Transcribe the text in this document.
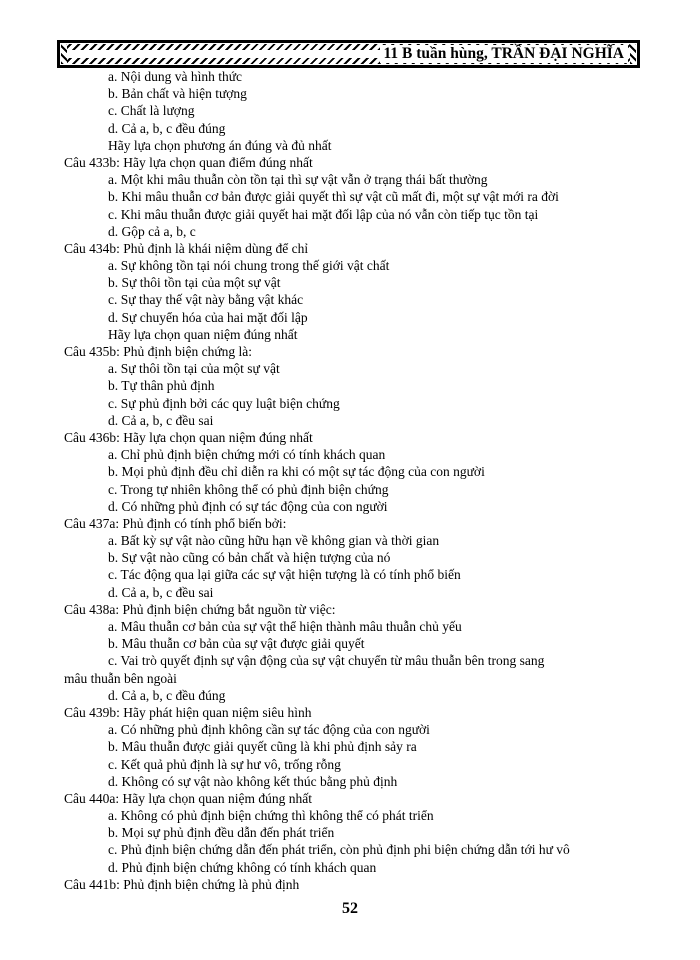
11 B tuần hùng, TRẦN ĐẠI NGHĨA
a. Nội dung và hình thức
b. Bản chất và hiện tượng
c. Chất là lượng
d. Cả a, b, c đều đúng
Hãy lựa chọn phương án đúng và đủ nhất
Câu 433b: Hãy lựa chọn quan điểm đúng nhất
a. Một khi mâu thuẫn còn tồn tại thì sự vật vẫn ở trạng thái bất thường
b. Khi mâu thuẫn cơ bản được giải quyết thì sự vật cũ mất đi, một sự vật mới ra đời
c. Khi mâu thuẫn được giải quyết hai mặt đối lập của nó vẫn còn tiếp tục tồn tại
d. Gộp cả a, b, c
Câu 434b: Phủ định là khái niệm dùng để chỉ
a. Sự không tồn tại nói chung trong thế giới vật chất
b. Sự thôi tồn tại của một sự vật
c. Sự thay thế vật này bằng vật khác
d. Sự chuyển hóa của hai mặt đối lập
Hãy lựa chọn quan niệm đúng nhất
Câu 435b: Phủ định biện chứng là:
a. Sự thôi tồn tại của một sự vật
b. Tự thân phủ định
c. Sự phủ định bởi các quy luật biện chứng
d. Cả a, b, c đều sai
Câu 436b: Hãy lựa chọn quan niệm đúng nhất
a. Chỉ phủ định biện chứng mới có tính khách quan
b. Mọi phủ định đều chỉ diễn ra khi có một sự tác động của con người
c. Trong tự nhiên không thể có phủ định biện chứng
d. Có những phủ định có sự tác động của con người
Câu 437a: Phủ định có tính phổ biến bởi:
a. Bất kỳ sự vật nào cũng hữu hạn về không gian và thời gian
b. Sự vật nào cũng có bản chất và hiện tượng của nó
c. Tác động qua lại giữa các sự vật hiện tượng là có tính phổ biến
d. Cả a, b, c đều sai
Câu 438a: Phủ định biện chứng bắt nguồn từ việc:
a. Mâu thuẫn cơ bản của sự vật thể hiện thành mâu thuẫn chủ yếu
b. Mâu thuẫn cơ bản của sự vật được giải quyết
c. Vai trò quyết định sự vận động của sự vật chuyển từ mâu thuẫn bên trong sang
mâu thuẫn bên ngoài
d. Cả a, b, c đều đúng
Câu 439b: Hãy phát hiện quan niệm siêu hình
a. Có những phủ định không cần sự tác động của con người
b. Mâu thuẫn được giải quyết cũng là khi phủ định sảy ra
c. Kết quả phủ định là sự hư vô, trống rỗng
d. Không có sự vật nào không kết thúc bằng phủ định
Câu 440a: Hãy lựa chọn quan niệm đúng nhất
a. Không có phủ định biện chứng thì không thể có phát triển
b. Mọi sự phủ định đều dẫn đến phát triển
c. Phủ định biện chứng dẫn đến phát triển, còn phủ định phi biện chứng dẫn tới hư vô
d. Phủ định biện chứng không có tính khách quan
Câu 441b: Phủ định biện chứng là phủ định
52
